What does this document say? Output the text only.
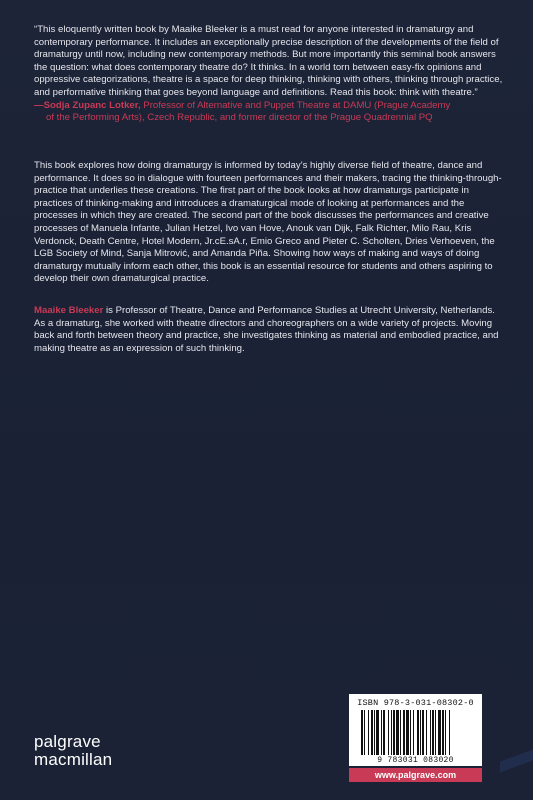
“This eloquently written book by Maaike Bleeker is a must read for anyone interested in dramaturgy and contemporary performance. It includes an exceptionally precise description of the developments of the field of dramaturgy until now, including new contemporary methods. But more importantly this seminal book answers the question: what does contemporary theatre do? It thinks. In a world torn between easy-fix opinions and oppressive categorizations, theatre is a space for deep thinking, thinking with others, thinking through practice, and performative thinking that goes beyond language and definitions. Read this book: think with theatre.”

—Sodja Zupanc Lotker, Professor of Alternative and Puppet Theatre at DAMU (Prague Academy
of the Performing Arts), Czech Republic, and former director of the Prague Quadrennial PQ

This book explores how doing dramaturgy is informed by today’s highly diverse field of theatre, dance and performance. It does so in dialogue with fourteen performances and their makers, tracing the thinking-through-practice that underlies these creations. The first part of the book looks at how dramaturgs participate in practices of thinking-making and introduces a dramaturgical mode of looking at performances and the processes in which they are created. The second part of the book discusses the performances and creative processes of Manuela Infante, Julian Hetzel, Ivo van Hove, Anouk van Dijk, Falk Richter, Milo Rau, Kris Verdonck, Death Centre, Hotel Modern, Jr.cE.sA.r, Emio Greco and Pieter C. Scholten, Dries Verhoeven, the LGB Society of Mind, Sanja Mitrović, and Amanda Piña. Showing how ways of making and ways of doing dramaturgy mutually inform each other, this book is an essential resource for students and others aspiring to develop their own dramaturgical practice.

Maaike Bleeker is Professor of Theatre, Dance and Performance Studies at Utrecht University, Netherlands. As a dramaturg, she worked with theatre directors and choreographers on a wide variety of projects. Moving back and forth between theory and practice, she investigates thinking as material and embodied practice, and making theatre as an expression of such thinking.

palgrave
macmillan
ISBN 978-3-031-08302-0
9 783031 083020
www.palgrave.com
